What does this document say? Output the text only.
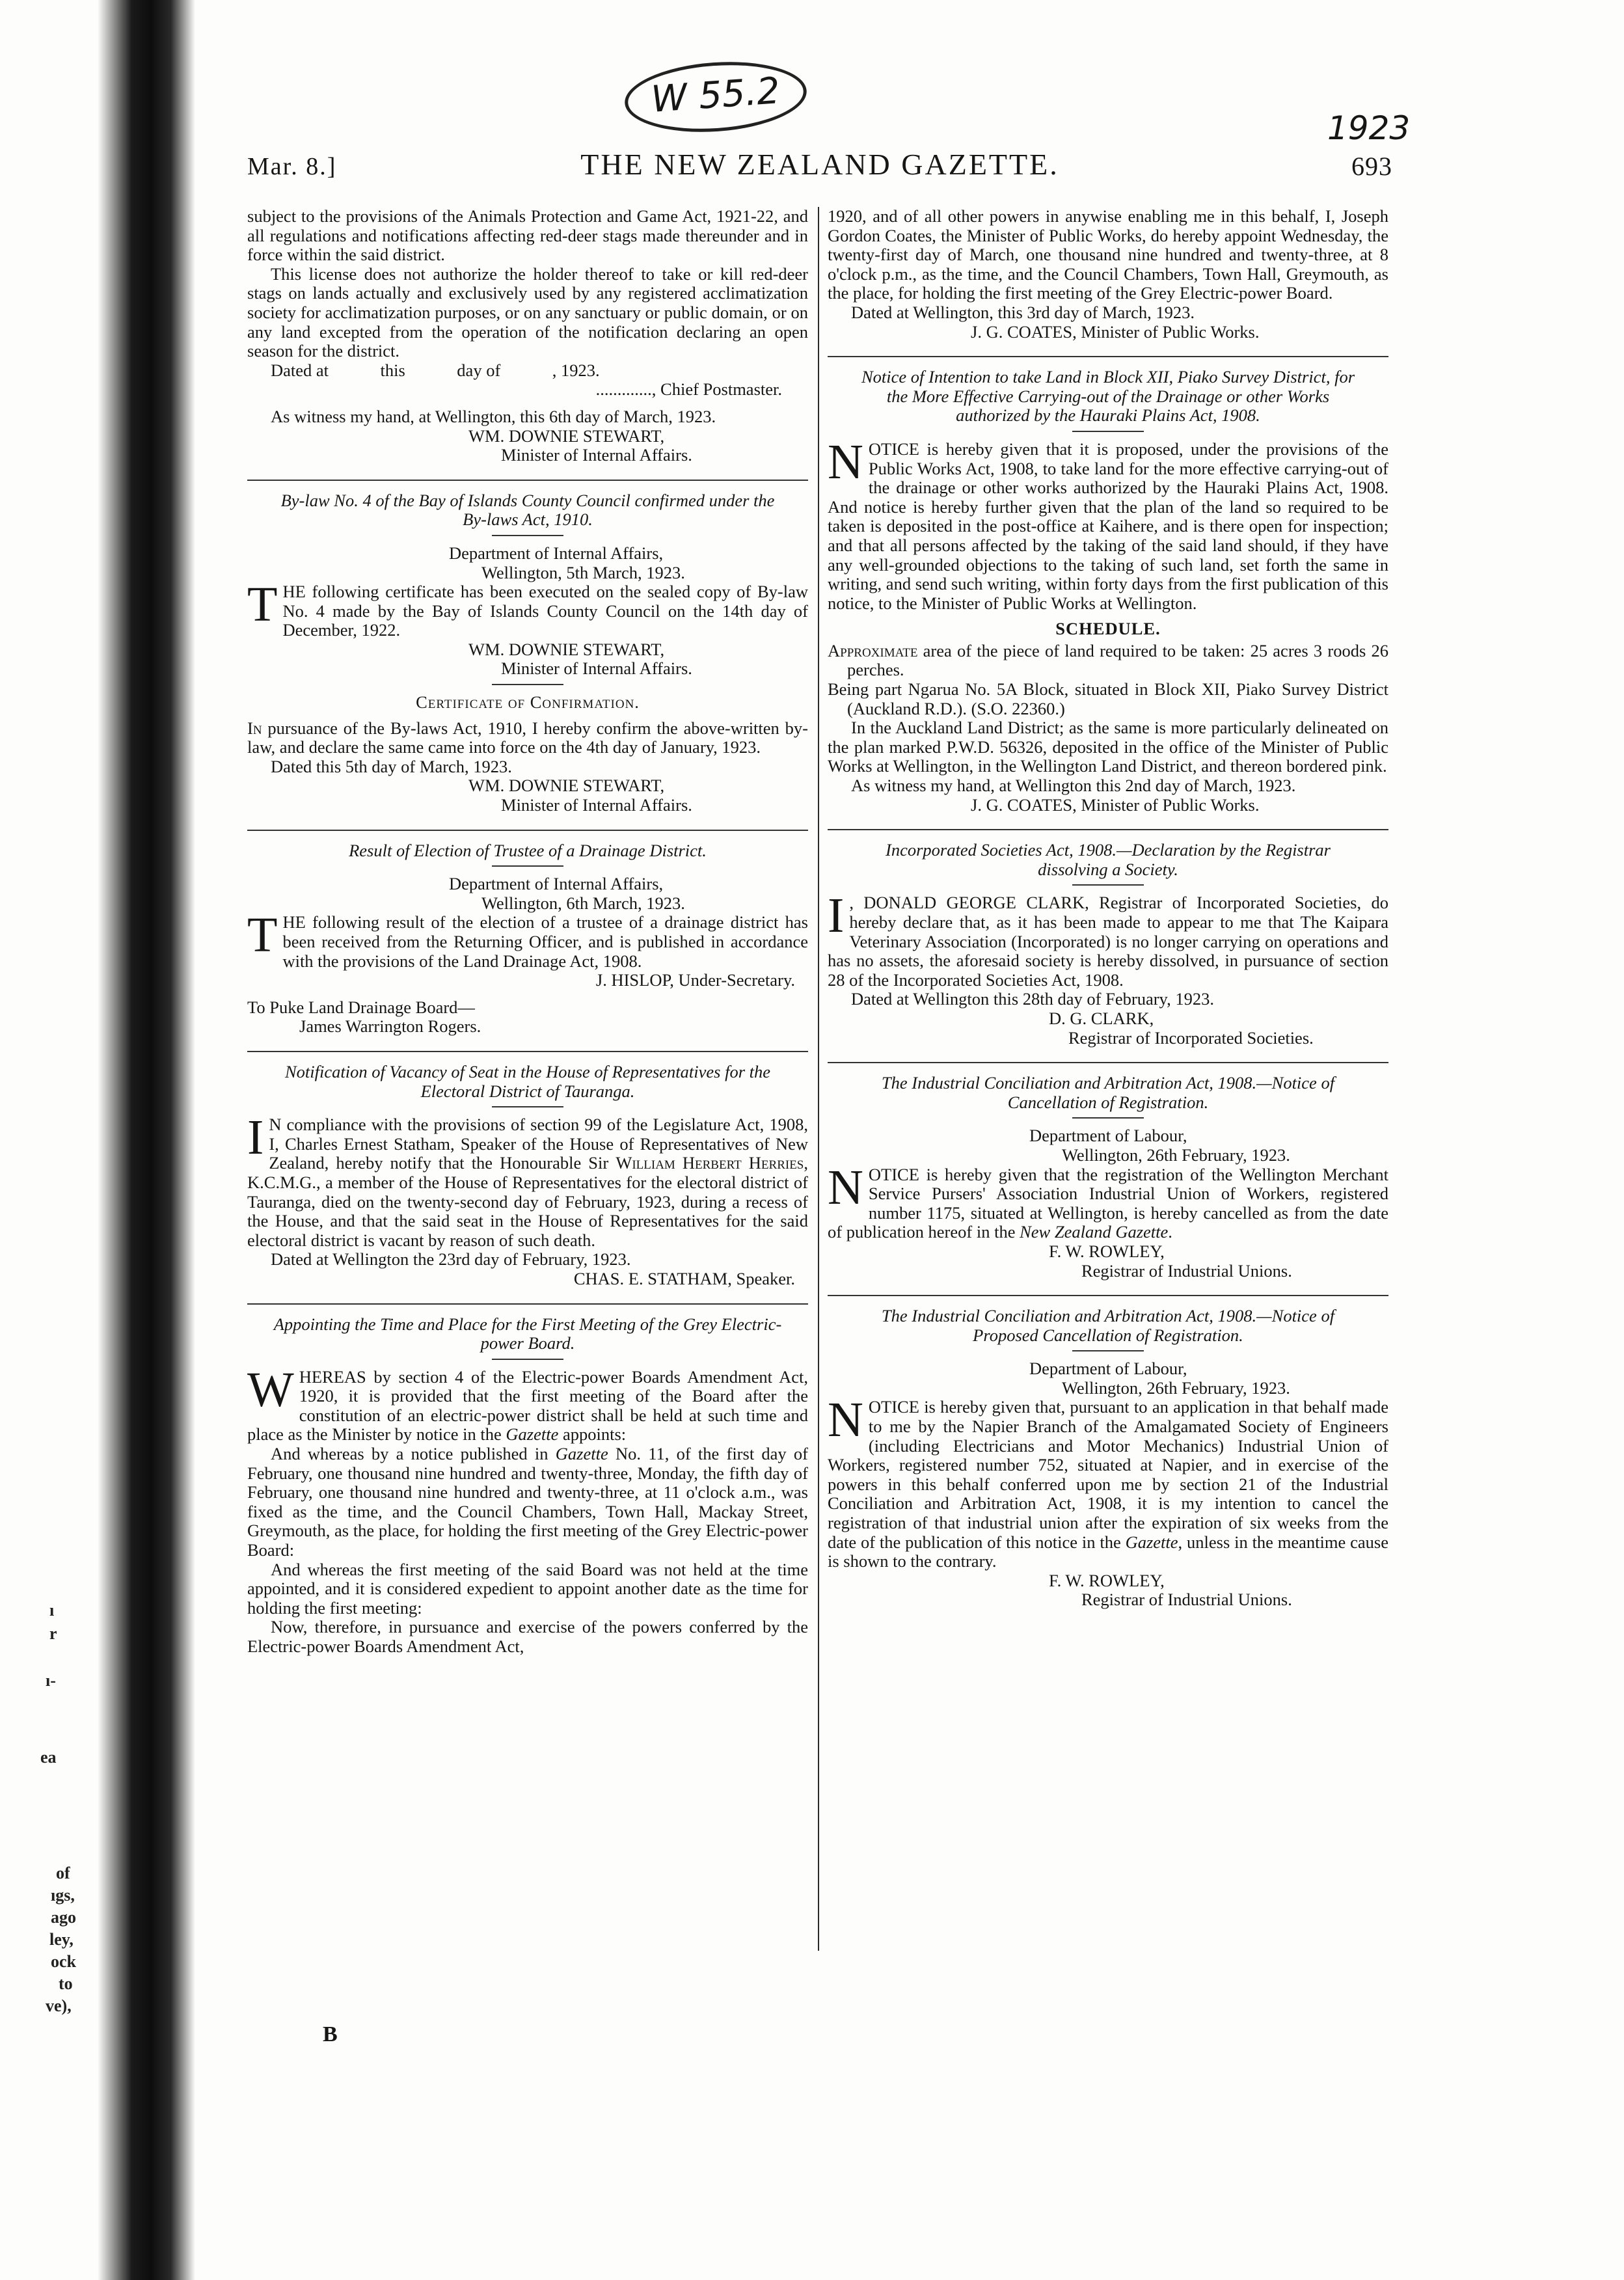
ı
r
ı-
ea
of
ıgs,
ago
ley,
ock
to
ve),
W 55.2
1923
Mar. 8.]	THE NEW ZEALAND GAZETTE.	693

subject to the provisions of the Animals Protection and Game Act, 1921-22, and all regulations and notifications affecting red-deer stags made thereunder and in force within the said district.

This license does not authorize the holder thereof to take or kill red-deer stags on lands actually and exclusively used by any registered acclimatization society for acclimatization purposes, or on any sanctuary or public domain, or on any land excepted from the operation of the notification declaring an open season for the district.

Dated at            this            day of            , 1923.

............., Chief Postmaster.

As witness my hand, at Wellington, this 6th day of March, 1923.

WM. DOWNIE STEWART,

Minister of Internal Affairs.

By-law No. 4 of the Bay of Islands County Council confirmed under the By-laws Act, 1910.

Department of Internal Affairs,

Wellington, 5th March, 1923.

THE following certificate has been executed on the sealed copy of By-law No. 4 made by the Bay of Islands County Council on the 14th day of December, 1922.

WM. DOWNIE STEWART,

Minister of Internal Affairs.

Certificate of Confirmation.

In pursuance of the By-laws Act, 1910, I hereby confirm the above-written by-law, and declare the same came into force on the 4th day of January, 1923.

Dated this 5th day of March, 1923.

WM. DOWNIE STEWART,

Minister of Internal Affairs.

Result of Election of Trustee of a Drainage District.

Department of Internal Affairs,

Wellington, 6th March, 1923.

THE following result of the election of a trustee of a drainage district has been received from the Returning Officer, and is published in accordance with the provisions of the Land Drainage Act, 1908.

J. HISLOP, Under-Secretary.

To Puke Land Drainage Board—

James Warrington Rogers.

Notification of Vacancy of Seat in the House of Representatives for the Electoral District of Tauranga.

I N compliance with the provisions of section 99 of the Legislature Act, 1908, I, Charles Ernest Statham, Speaker of the House of Representatives of New Zealand, hereby notify that the Honourable Sir William Herbert Herries, K.C.M.G., a member of the House of Representatives for the electoral district of Tauranga, died on the twenty-second day of February, 1923, during a recess of the House, and that the said seat in the House of Representatives for the said electoral district is vacant by reason of such death.

Dated at Wellington the 23rd day of February, 1923.

CHAS. E. STATHAM, Speaker.

Appointing the Time and Place for the First Meeting of the Grey Electric-power Board.

WHEREAS by section 4 of the Electric-power Boards Amendment Act, 1920, it is provided that the first meeting of the Board after the constitution of an electric-power district shall be held at such time and place as the Minister by notice in the Gazette appoints:

And whereas by a notice published in Gazette No. 11, of the first day of February, one thousand nine hundred and twenty-three, Monday, the fifth day of February, one thousand nine hundred and twenty-three, at 11 o'clock a.m., was fixed as the time, and the Council Chambers, Town Hall, Mackay Street, Greymouth, as the place, for holding the first meeting of the Grey Electric-power Board:

And whereas the first meeting of the said Board was not held at the time appointed, and it is considered expedient to appoint another date as the time for holding the first meeting:

Now, therefore, in pursuance and exercise of the powers conferred by the Electric-power Boards Amendment Act,

1920, and of all other powers in anywise enabling me in this behalf, I, Joseph Gordon Coates, the Minister of Public Works, do hereby appoint Wednesday, the twenty-first day of March, one thousand nine hundred and twenty-three, at 8 o'clock p.m., as the time, and the Council Chambers, Town Hall, Greymouth, as the place, for holding the first meeting of the Grey Electric-power Board.

Dated at Wellington, this 3rd day of March, 1923.

J. G. COATES, Minister of Public Works.

Notice of Intention to take Land in Block XII, Piako Survey District, for the More Effective Carrying-out of the Drainage or other Works authorized by the Hauraki Plains Act, 1908.

NOTICE is hereby given that it is proposed, under the provisions of the Public Works Act, 1908, to take land for the more effective carrying-out of the drainage or other works authorized by the Hauraki Plains Act, 1908. And notice is hereby further given that the plan of the land so required to be taken is deposited in the post-office at Kaihere, and is there open for inspection; and that all persons affected by the taking of the said land should, if they have any well-grounded objections to the taking of such land, set forth the same in writing, and send such writing, within forty days from the first publication of this notice, to the Minister of Public Works at Wellington.

SCHEDULE.

Approximate area of the piece of land required to be taken: 25 acres 3 roods 26 perches.

Being part Ngarua No. 5A Block, situated in Block XII, Piako Survey District (Auckland R.D.). (S.O. 22360.)

In the Auckland Land District; as the same is more particularly delineated on the plan marked P.W.D. 56326, deposited in the office of the Minister of Public Works at Wellington, in the Wellington Land District, and thereon bordered pink.

As witness my hand, at Wellington this 2nd day of March, 1923.

J. G. COATES, Minister of Public Works.

Incorporated Societies Act, 1908.—Declaration by the Registrar dissolving a Society.

I , DONALD GEORGE CLARK, Registrar of Incorporated Societies, do hereby declare that, as it has been made to appear to me that The Kaipara Veterinary Association (Incorporated) is no longer carrying on operations and has no assets, the aforesaid society is hereby dissolved, in pursuance of section 28 of the Incorporated Societies Act, 1908.

Dated at Wellington this 28th day of February, 1923.

D. G. CLARK,

Registrar of Incorporated Societies.

The Industrial Conciliation and Arbitration Act, 1908.—Notice of Cancellation of Registration.

Department of Labour,

Wellington, 26th February, 1923.

NOTICE is hereby given that the registration of the Wellington Merchant Service Pursers' Association Industrial Union of Workers, registered number 1175, situated at Wellington, is hereby cancelled as from the date of publication hereof in the New Zealand Gazette.

F. W. ROWLEY,

Registrar of Industrial Unions.

The Industrial Conciliation and Arbitration Act, 1908.—Notice of Proposed Cancellation of Registration.

Department of Labour,

Wellington, 26th February, 1923.

NOTICE is hereby given that, pursuant to an application in that behalf made to me by the Napier Branch of the Amalgamated Society of Engineers (including Electricians and Motor Mechanics) Industrial Union of Workers, registered number 752, situated at Napier, and in exercise of the powers in this behalf conferred upon me by section 21 of the Industrial Conciliation and Arbitration Act, 1908, it is my intention to cancel the registration of that industrial union after the expiration of six weeks from the date of the publication of this notice in the Gazette, unless in the meantime cause is shown to the contrary.

F. W. ROWLEY,

Registrar of Industrial Unions.

B
